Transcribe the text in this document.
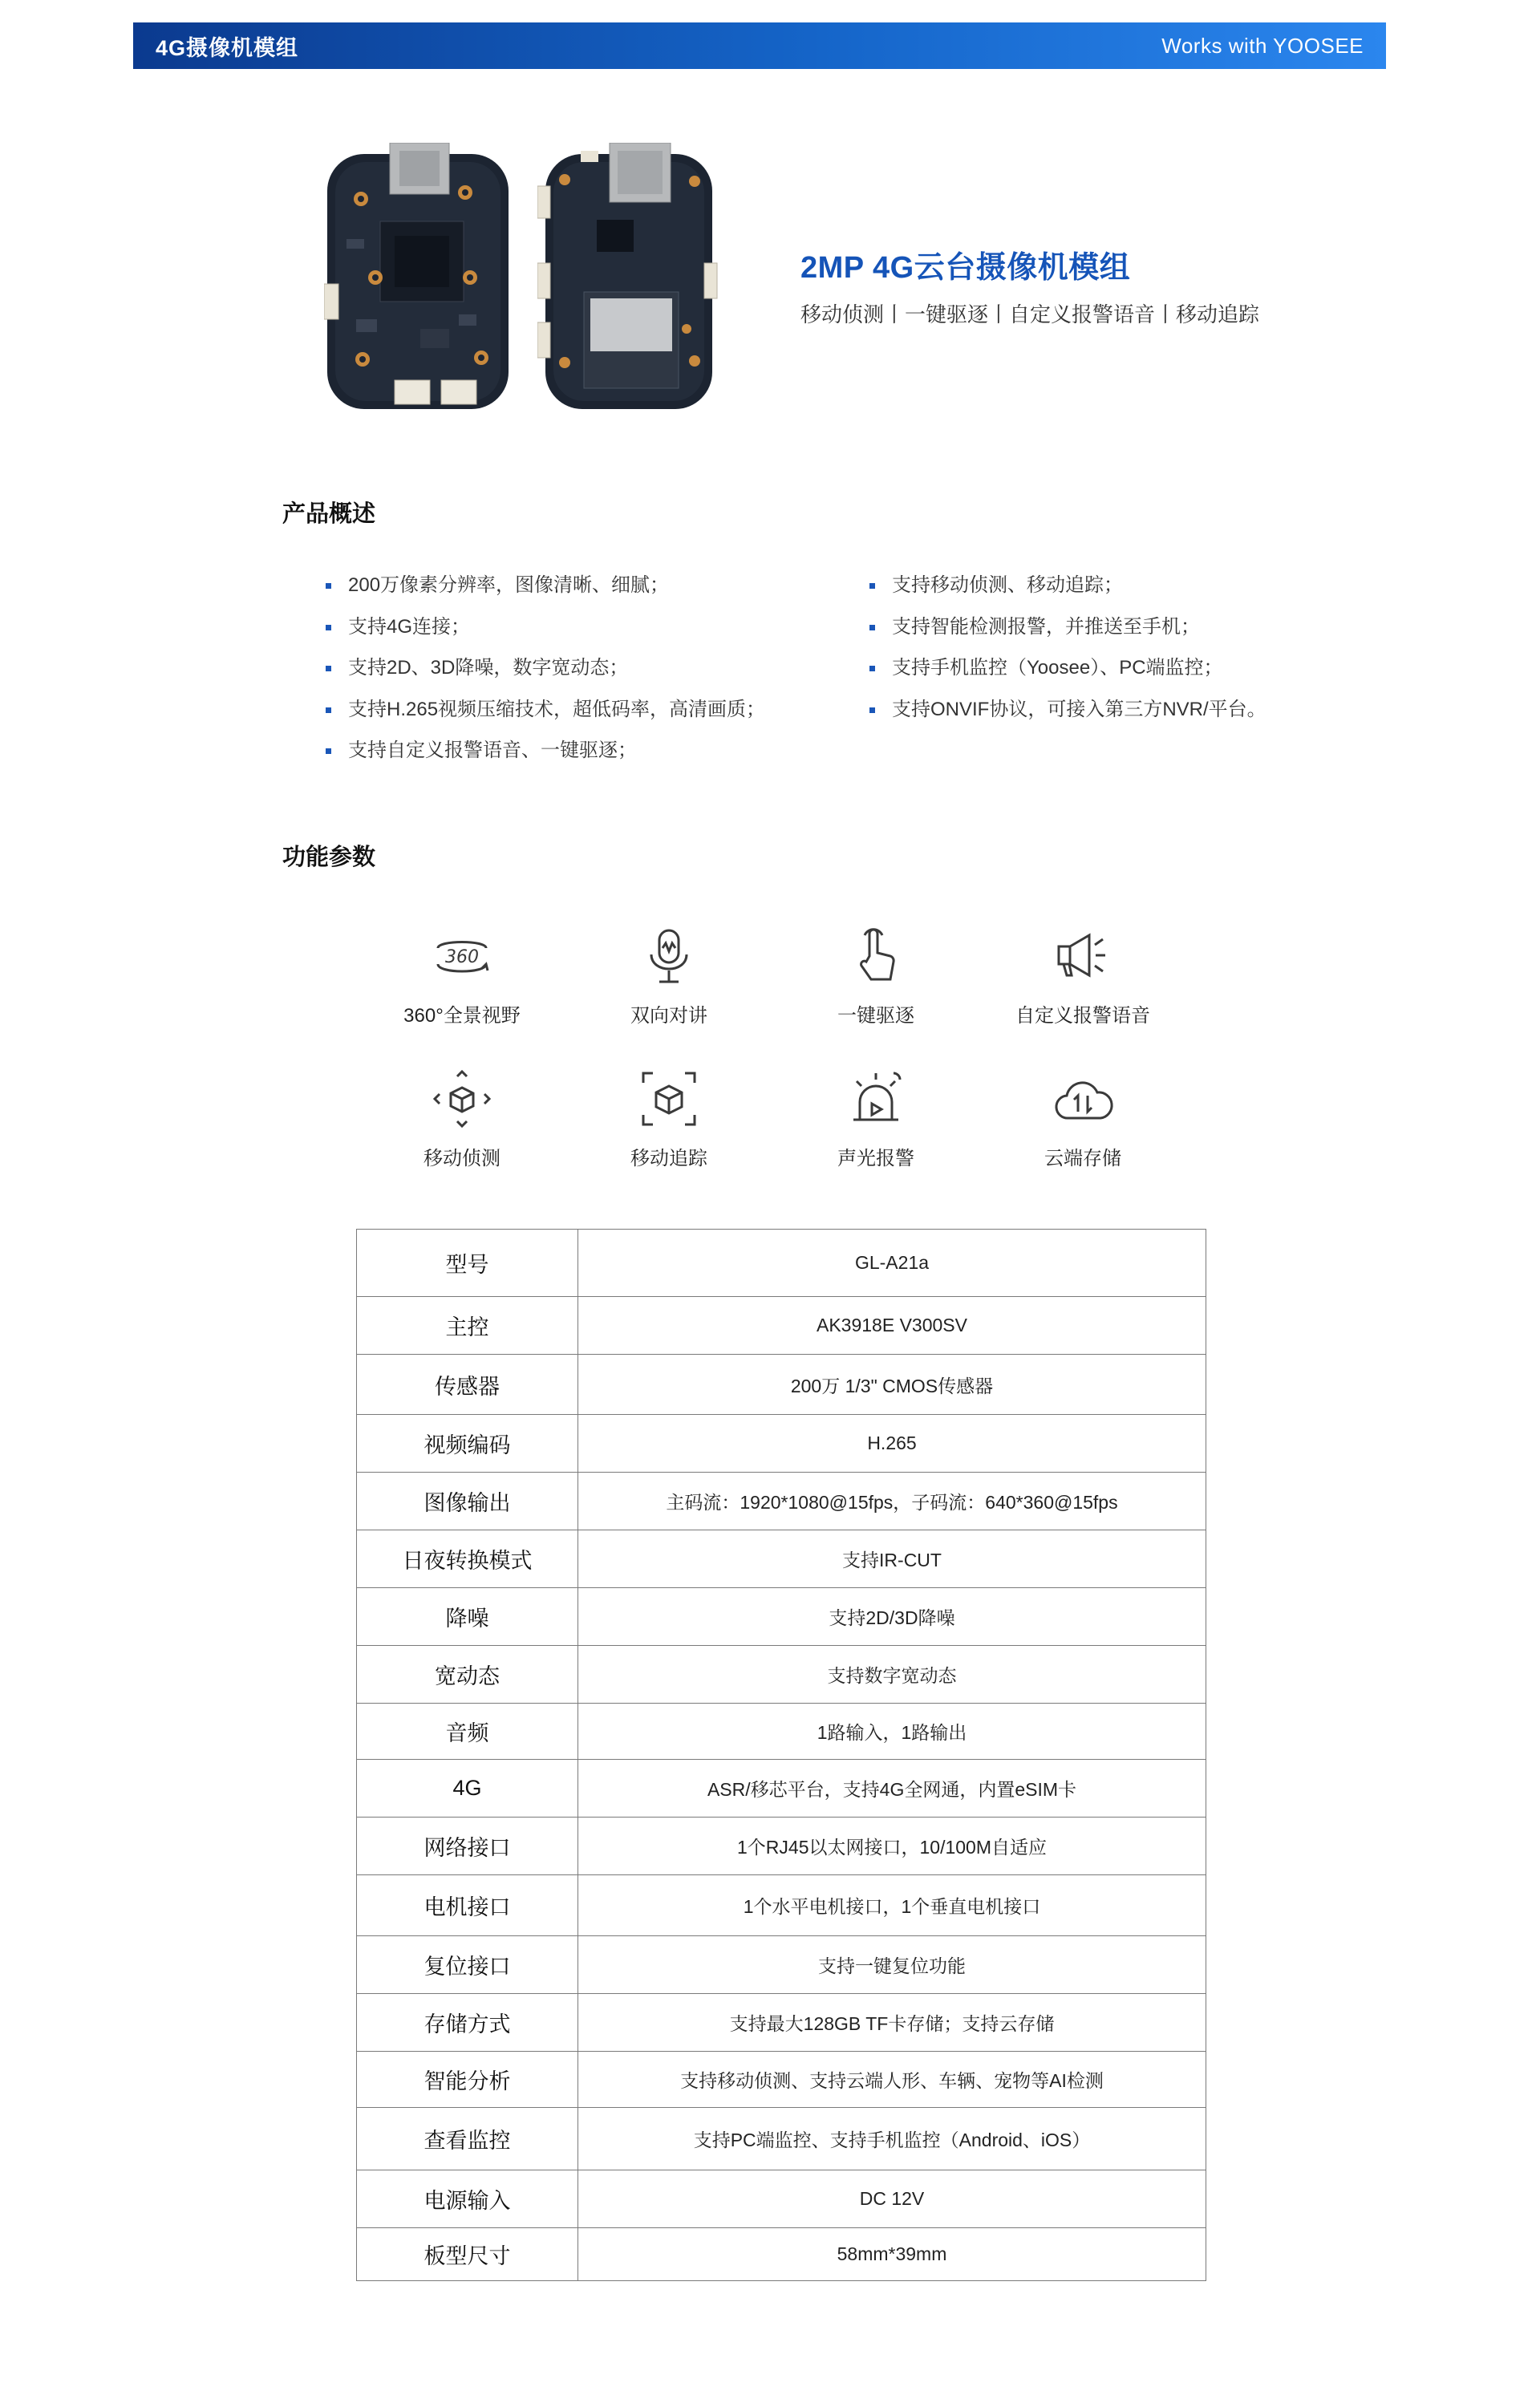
4G摄像机模组	Works with YOOSEE
2MP 4G云台摄像机模组
移动侦测丨一键驱逐丨自定义报警语音丨移动追踪
产品概述
200万像素分辨率，图像清晰、细腻；
支持4G连接；
支持2D、3D降噪，数字宽动态；
支持H.265视频压缩技术，超低码率，高清画质；
支持自定义报警语音、一键驱逐；
支持移动侦测、移动追踪；
支持智能检测报警，并推送至手机；
支持手机监控（Yoosee）、PC端监控；
支持ONVIF协议，可接入第三方NVR/平台。
功能参数
360
360°全景视野	双向对讲	一键驱逐	自定义报警语音
移动侦测	移动追踪	声光报警	云端存储
型号	GL-A21a
主控	AK3918E V300SV
传感器	200万 1/3" CMOS传感器
视频编码	H.265
图像输出	主码流：1920*1080@15fps，子码流：640*360@15fps
日夜转换模式	支持IR-CUT
降噪	支持2D/3D降噪
宽动态	支持数字宽动态
音频	1路输入，1路输出
4G	ASR/移芯平台，支持4G全网通，内置eSIM卡
网络接口	1个RJ45以太网接口，10/100M自适应
电机接口	1个水平电机接口，1个垂直电机接口
复位接口	支持一键复位功能
存储方式	支持最大128GB TF卡存储；支持云存储
智能分析	支持移动侦测、支持云端人形、车辆、宠物等AI检测
查看监控	支持PC端监控、支持手机监控（Android、iOS）
电源输入	DC 12V
板型尺寸	58mm*39mm
